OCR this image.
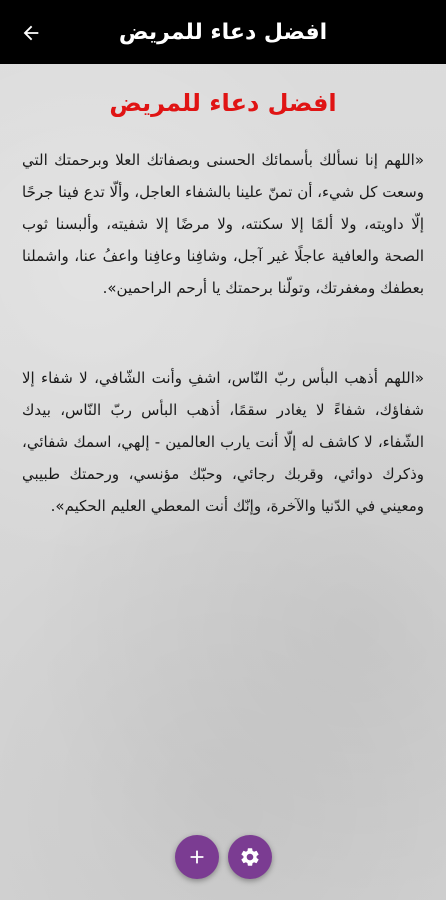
افضل دعاء للمريض
افضل دعاء للمريض

«اللهم إنا نسألك بأسمائك الحسنى وبصفاتك العلا وبرحمتك التي وسعت كل شيء، أن تمنّ علينا بالشفاء العاجل، وألّا تدع فينا جرحًا إلّا داويته، ولا ألمًا إلا سكنته، ولا مرضًا إلا شفيته، وألبسنا ثوب الصحة والعافية عاجلًا غير آجل، وشافِنا وعافِنا واعفُ عنا، واشملنا بعطفك ومغفرتك، وتولّنا برحمتك يا أرحم الراحمين».

«اللهم أذهب البأس ربّ النّاس، اشفِ وأنت الشّافي، لا شفاء إلا شفاؤك، شفاءً لا يغادر سقمًا، أذهب البأس ربّ النّاس، بيدك الشّفاء، لا كاشف له إلّا أنت يارب العالمين - إلهي، اسمك شفائي، وذكرك دوائي، وقربك رجائي، وحبّك مؤنسي، ورحمتك طبيبي ومعيني في الدّنيا والآخرة، وإنّك أنت المعطي العليم الحكيم».
